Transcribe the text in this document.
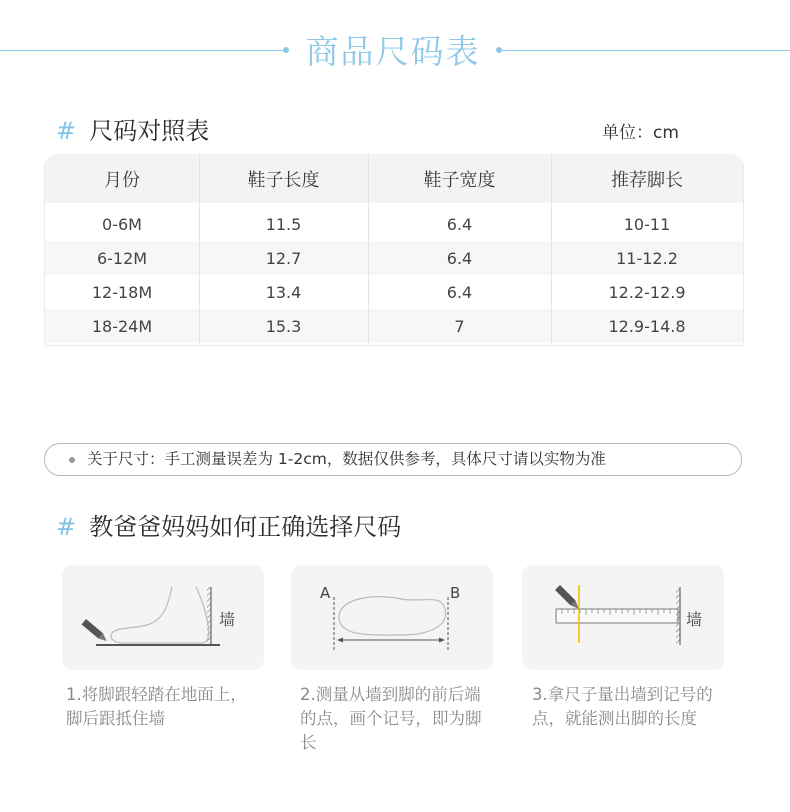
商品尺码表
# 尺码对照表	单位：cm
月份	鞋子长度	鞋子宽度	推荐脚长
0-6M	11.5	6.4	10-11
6-12M	12.7	6.4	11-12.2
12-18M	13.4	6.4	12.2-12.9
18-24M	15.3	7	12.9-14.8
关于尺寸：手工测量误差为 1-2cm，数据仅供参考，具体尺寸请以实物为准
# 教爸爸妈妈如何正确选择尺码
墙
A	B
墙
1.将脚跟轻踏在地面上，脚后跟抵住墙
2.测量从墙到脚的前后端的点，画个记号，即为脚长
3.拿尺子量出墙到记号的点，就能测出脚的长度
